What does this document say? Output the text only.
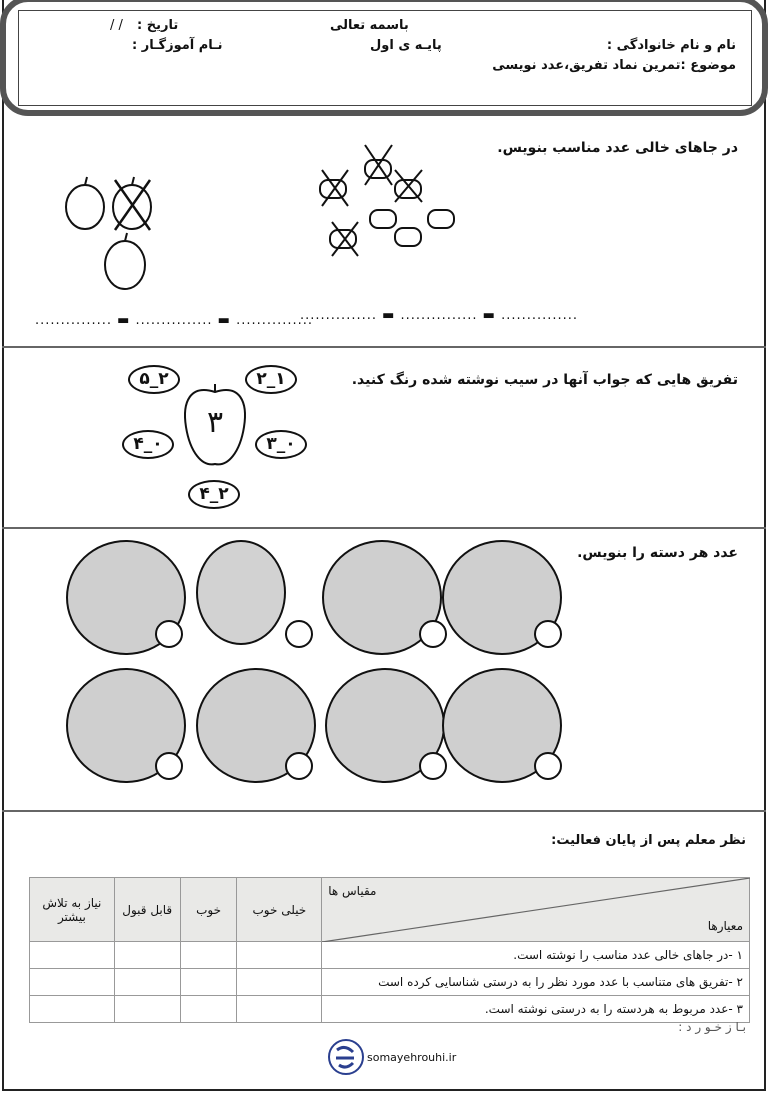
باسمه تعالی
تاریخ :
/ /
نام و نام خانوادگی :
پایـه ی اول
نـام آموزگـار :
موضوع :تمرین نماد تفریق،عدد نویسی
در جاهای خالی عدد مناسب بنویس.
............... ▬ ............... ▬ ...............
............... ▬ ............... ▬ ...............
تفریق هایی که جواب آنها در سیب نوشته شده رنگ کنید.
۳
۵_۲	۲_۱
۴_۰	۳_۰
۴_۲
عدد هر دسته را بنویس.
نظر معلم پس از پایان فعالیت:
مقیاس ها
معیارها	خیلی خوب	خوب	قابل قبول	نیاز به تلاش بیشتر
۱ -در جاهای خالی عدد مناسب را نوشته است.				
۲ -تفریق های متناسب با عدد مورد نظر را به درستی شناسایی کرده است				
۳ -عدد مربوط به هردسته را به درستی نوشته است.				
بـا ز خـو ر د :
somayehrouhi.ir
